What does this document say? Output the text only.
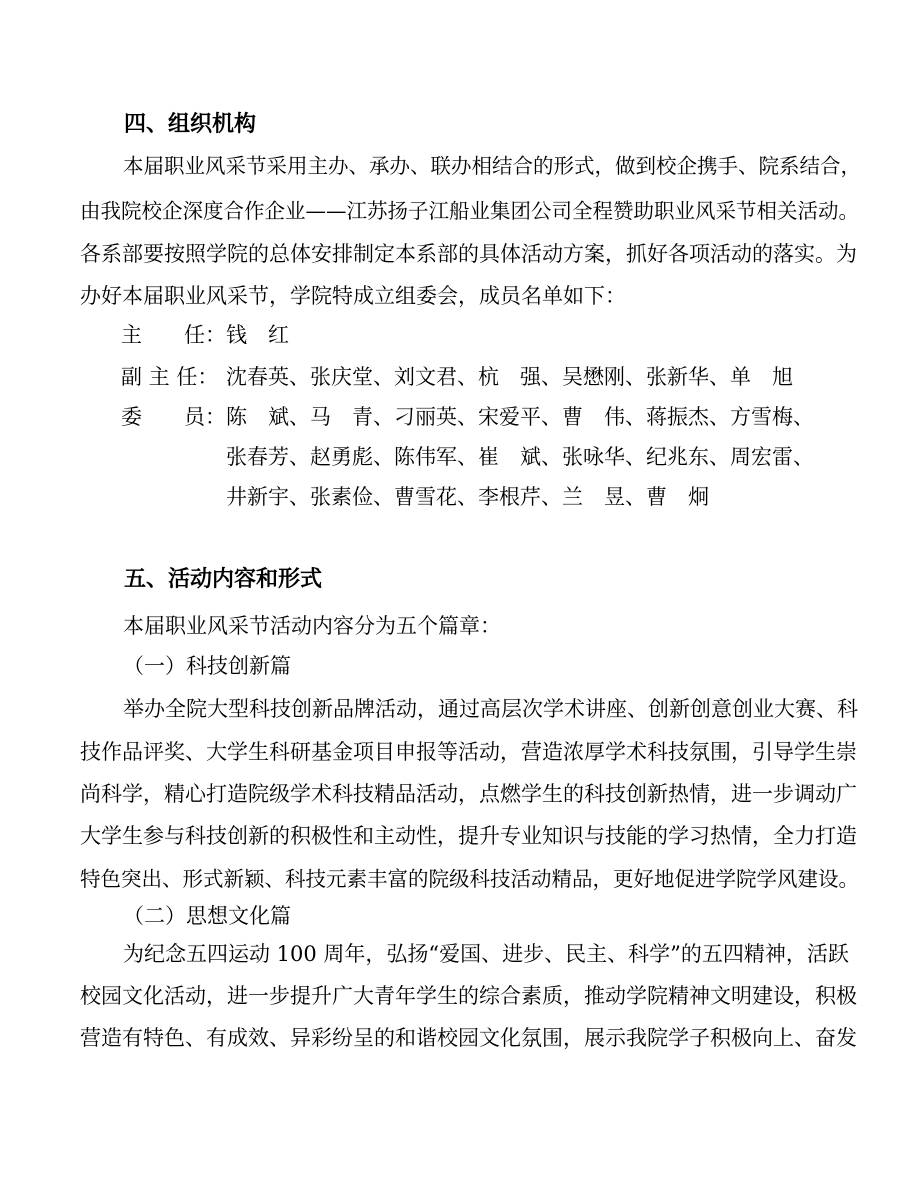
四、组织机构
本届职业风采节采用主办、承办、联办相结合的形式，做到校企携手、院系结合，
由我院校企深度合作企业——江苏扬子江船业集团公司全程赞助职业风采节相关活动。
各系部要按照学院的总体安排制定本系部的具体活动方案，抓好各项活动的落实。为
办好本届职业风采节，学院特成立组委会，成员名单如下：
主　　任： 钱　红
副 主 任： 沈春英、张庆堂、刘文君、杭　强、吴懋刚、张新华、单　旭
委　　员： 陈　斌、马　青、刁丽英、宋爱平、曹　伟、蒋振杰、方雪梅、
张春芳、赵勇彪、陈伟军、崔　斌、张咏华、纪兆东、周宏雷、
井新宇、张素俭、曹雪花、李根芹、兰　昱、曹　炯
五、活动内容和形式
本届职业风采节活动内容分为五个篇章：
（一）科技创新篇
举办全院大型科技创新品牌活动，通过高层次学术讲座、创新创意创业大赛、科
技作品评奖、大学生科研基金项目申报等活动，营造浓厚学术科技氛围，引导学生崇
尚科学，精心打造院级学术科技精品活动，点燃学生的科技创新热情，进一步调动广
大学生参与科技创新的积极性和主动性，提升专业知识与技能的学习热情，全力打造
特色突出、形式新颖、科技元素丰富的院级科技活动精品，更好地促进学院学风建设。
（二）思想文化篇
为纪念五四运动 100 周年，弘扬“爱国、进步、民主、科学”的五四精神，活跃
校园文化活动，进一步提升广大青年学生的综合素质，推动学院精神文明建设，积极
营造有特色、有成效、异彩纷呈的和谐校园文化氛围，展示我院学子积极向上、奋发
